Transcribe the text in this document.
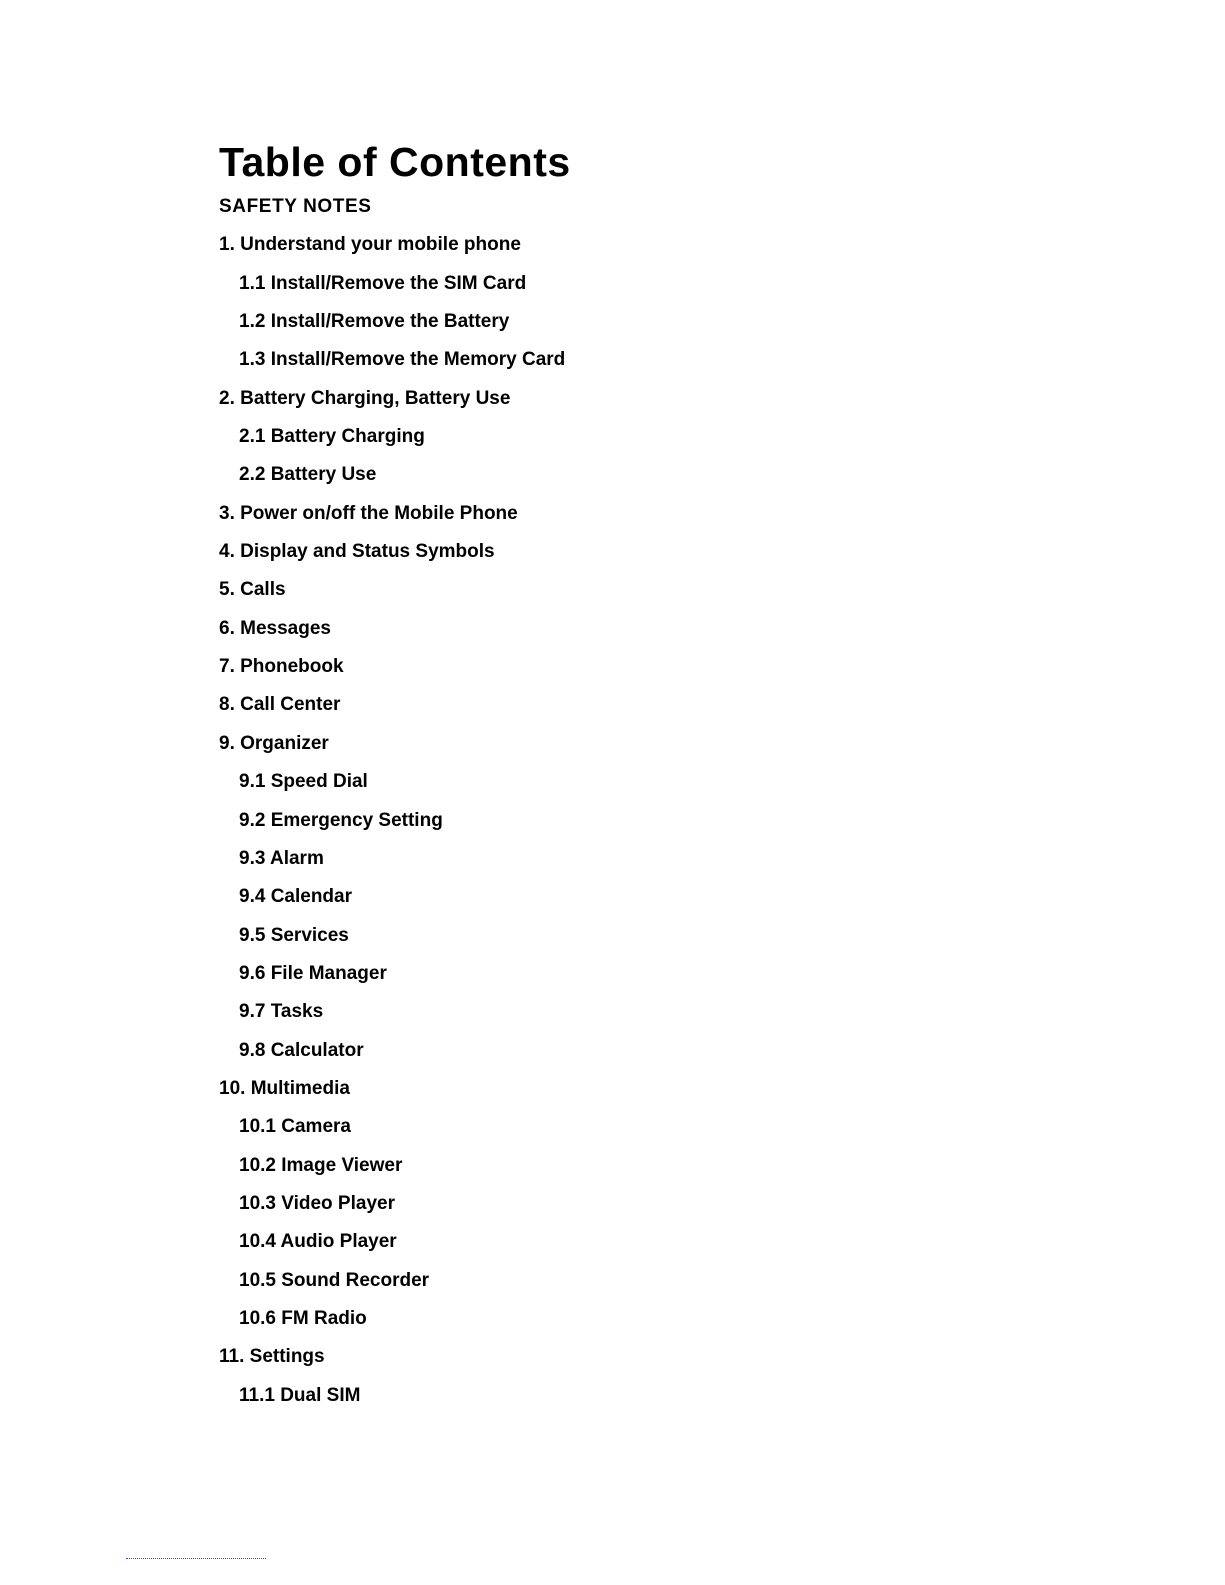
Table of Contents
SAFETY NOTES
1. Understand your mobile phone
1.1 Install/Remove the SIM Card
1.2 Install/Remove the Battery
1.3 Install/Remove the Memory Card
2. Battery Charging, Battery Use
2.1 Battery Charging
2.2 Battery Use
3. Power on/off the Mobile Phone
4. Display and Status Symbols
5. Calls
6. Messages
7. Phonebook
8. Call Center
9. Organizer
9.1 Speed Dial
9.2 Emergency Setting
9.3 Alarm
9.4 Calendar
9.5 Services
9.6 File Manager
9.7 Tasks
9.8 Calculator
10. Multimedia
10.1 Camera
10.2 Image Viewer
10.3 Video Player
10.4 Audio Player
10.5 Sound Recorder
10.6 FM Radio
11. Settings
11.1 Dual SIM
